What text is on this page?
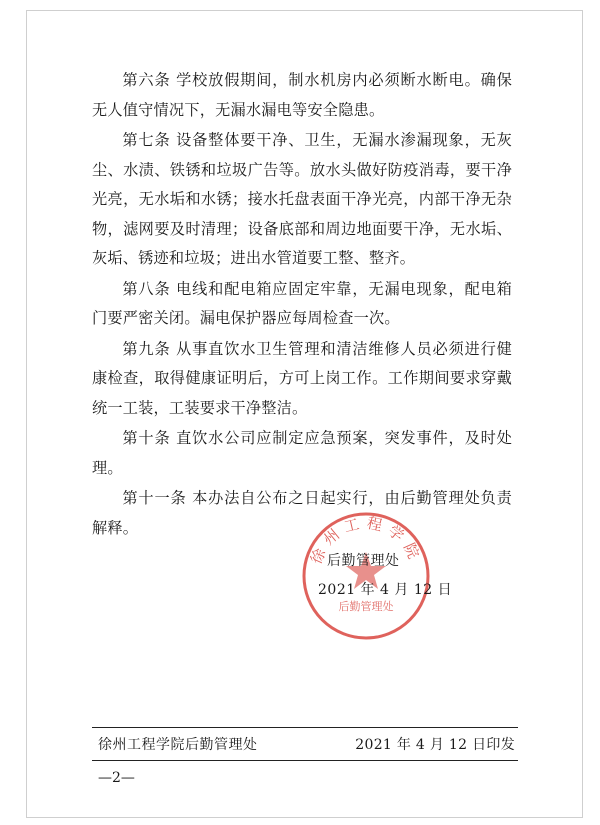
第六条 学校放假期间，制水机房内必须断水断电。确保无人值守情况下，无漏水漏电等安全隐患。

第七条 设备整体要干净、卫生，无漏水渗漏现象，无灰尘、水渍、铁锈和垃圾广告等。放水头做好防疫消毒，要干净光亮，无水垢和水锈；接水托盘表面干净光亮，内部干净无杂物，滤网要及时清理；设备底部和周边地面要干净，无水垢、灰垢、锈迹和垃圾；进出水管道要工整、整齐。

第八条 电线和配电箱应固定牢靠，无漏电现象，配电箱门要严密关闭。漏电保护器应每周检查一次。

第九条 从事直饮水卫生管理和清洁维修人员必须进行健康检查，取得健康证明后，方可上岗工作。工作期间要求穿戴统一工装，工装要求干净整洁。

第十条 直饮水公司应制定应急预案，突发事件，及时处理。

第十一条 本办法自公布之日起实行，由后勤管理处负责解释。

徐州工程学院
后勤管理处
后勤管理处
2021 年 4 月 12 日
徐州工程学院后勤管理处	2021 年 4 月 12 日印发
—2—
